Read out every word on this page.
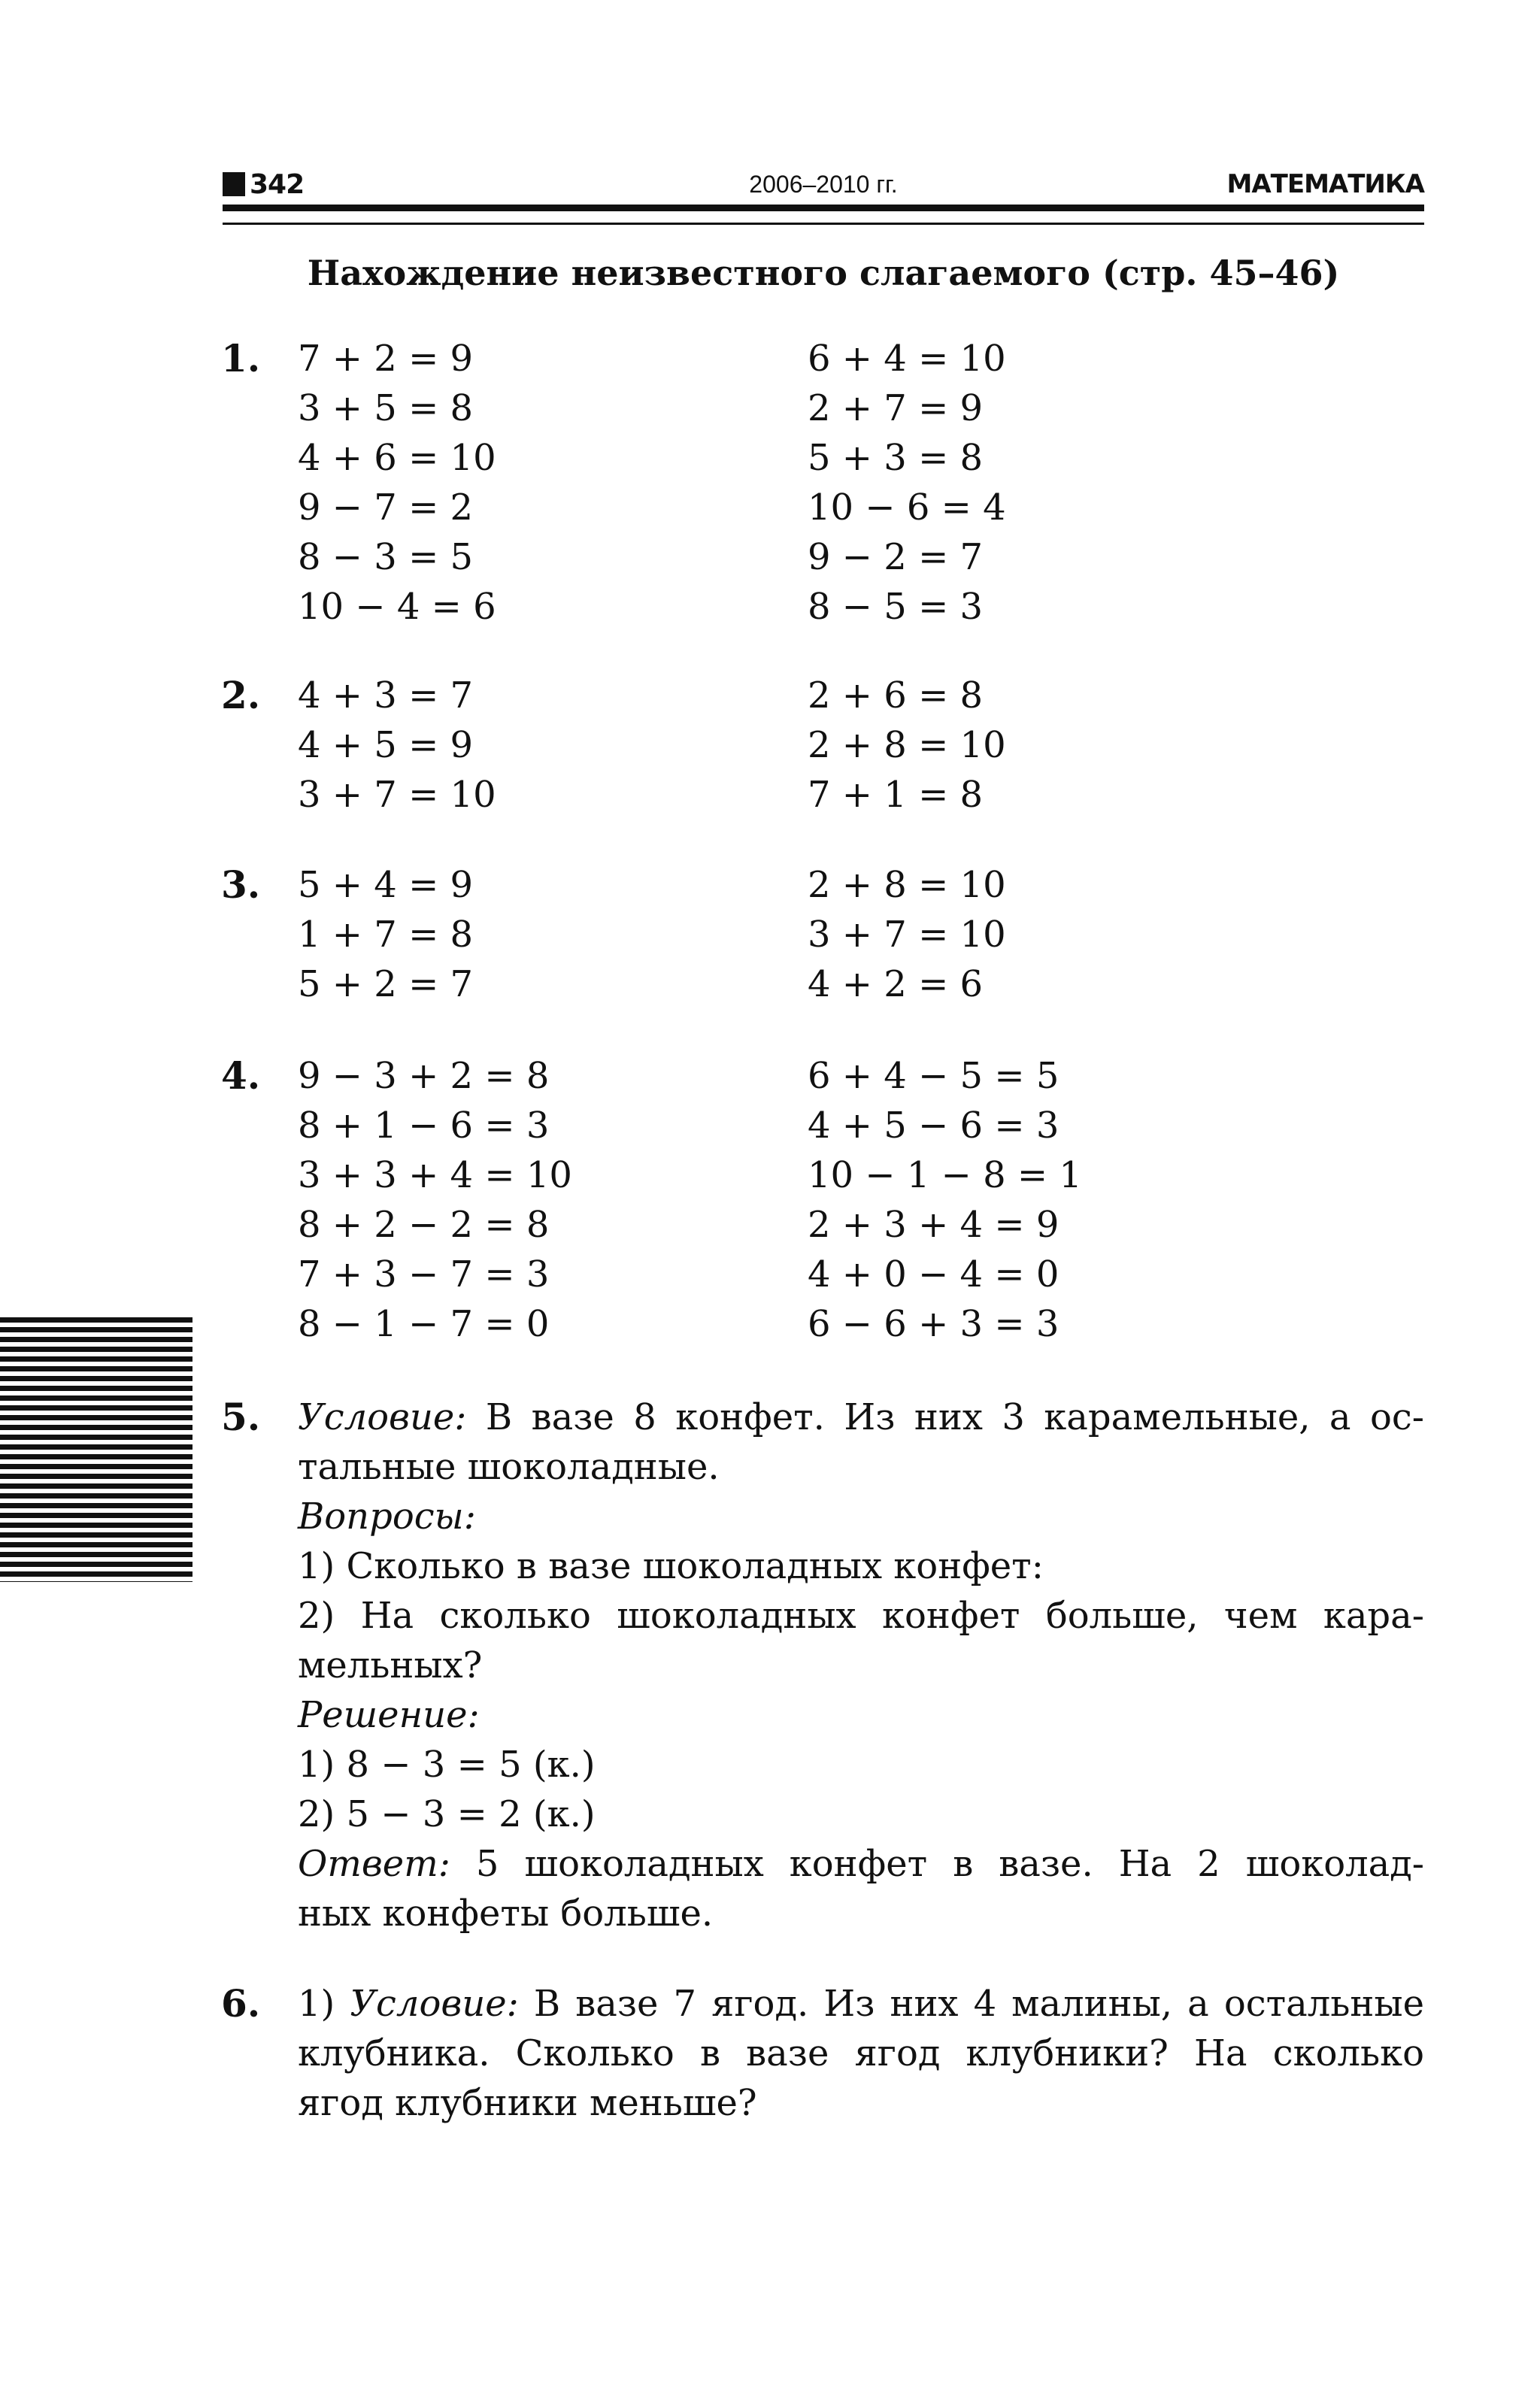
342	2006–2010 гг.	МАТЕМАТИКА
Нахождение неизвестного слагаемого (стр. 45–46)
1. 7 + 2 = 9
3 + 5 = 8
4 + 6 = 10
9 − 7 = 2
8 − 3 = 5
10 − 4 = 6
6 + 4 = 10
2 + 7 = 9
5 + 3 = 8
10 − 6 = 4
9 − 2 = 7
8 − 5 = 3
2. 4 + 3 = 7
4 + 5 = 9
3 + 7 = 10
2 + 6 = 8
2 + 8 = 10
7 + 1 = 8
3. 5 + 4 = 9
1 + 7 = 8
5 + 2 = 7
2 + 8 = 10
3 + 7 = 10
4 + 2 = 6
4. 9 − 3 + 2 = 8
8 + 1 − 6 = 3
3 + 3 + 4 = 10
8 + 2 − 2 = 8
7 + 3 − 7 = 3
8 − 1 − 7 = 0
6 + 4 − 5 = 5
4 + 5 − 6 = 3
10 − 1 − 8 = 1
2 + 3 + 4 = 9
4 + 0 − 4 = 0
6 − 6 + 3 = 3
5. Условие: В вазе 8 конфет. Из них 3 карамельные, а ос-
тальные шоколадные.
Вопросы:
1) Сколько в вазе шоколадных конфет:
2) На сколько шоколадных конфет больше, чем кара-
мельных?
Решение:
1) 8 − 3 = 5 (к.)
2) 5 − 3 = 2 (к.)
Ответ: 5 шоколадных конфет в вазе. На 2 шоколад-
ных конфеты больше.
6. 1) Условие: В вазе 7 ягод. Из них 4 малины, а остальные
клубника. Сколько в вазе ягод клубники? На сколько
ягод клубники меньше?
